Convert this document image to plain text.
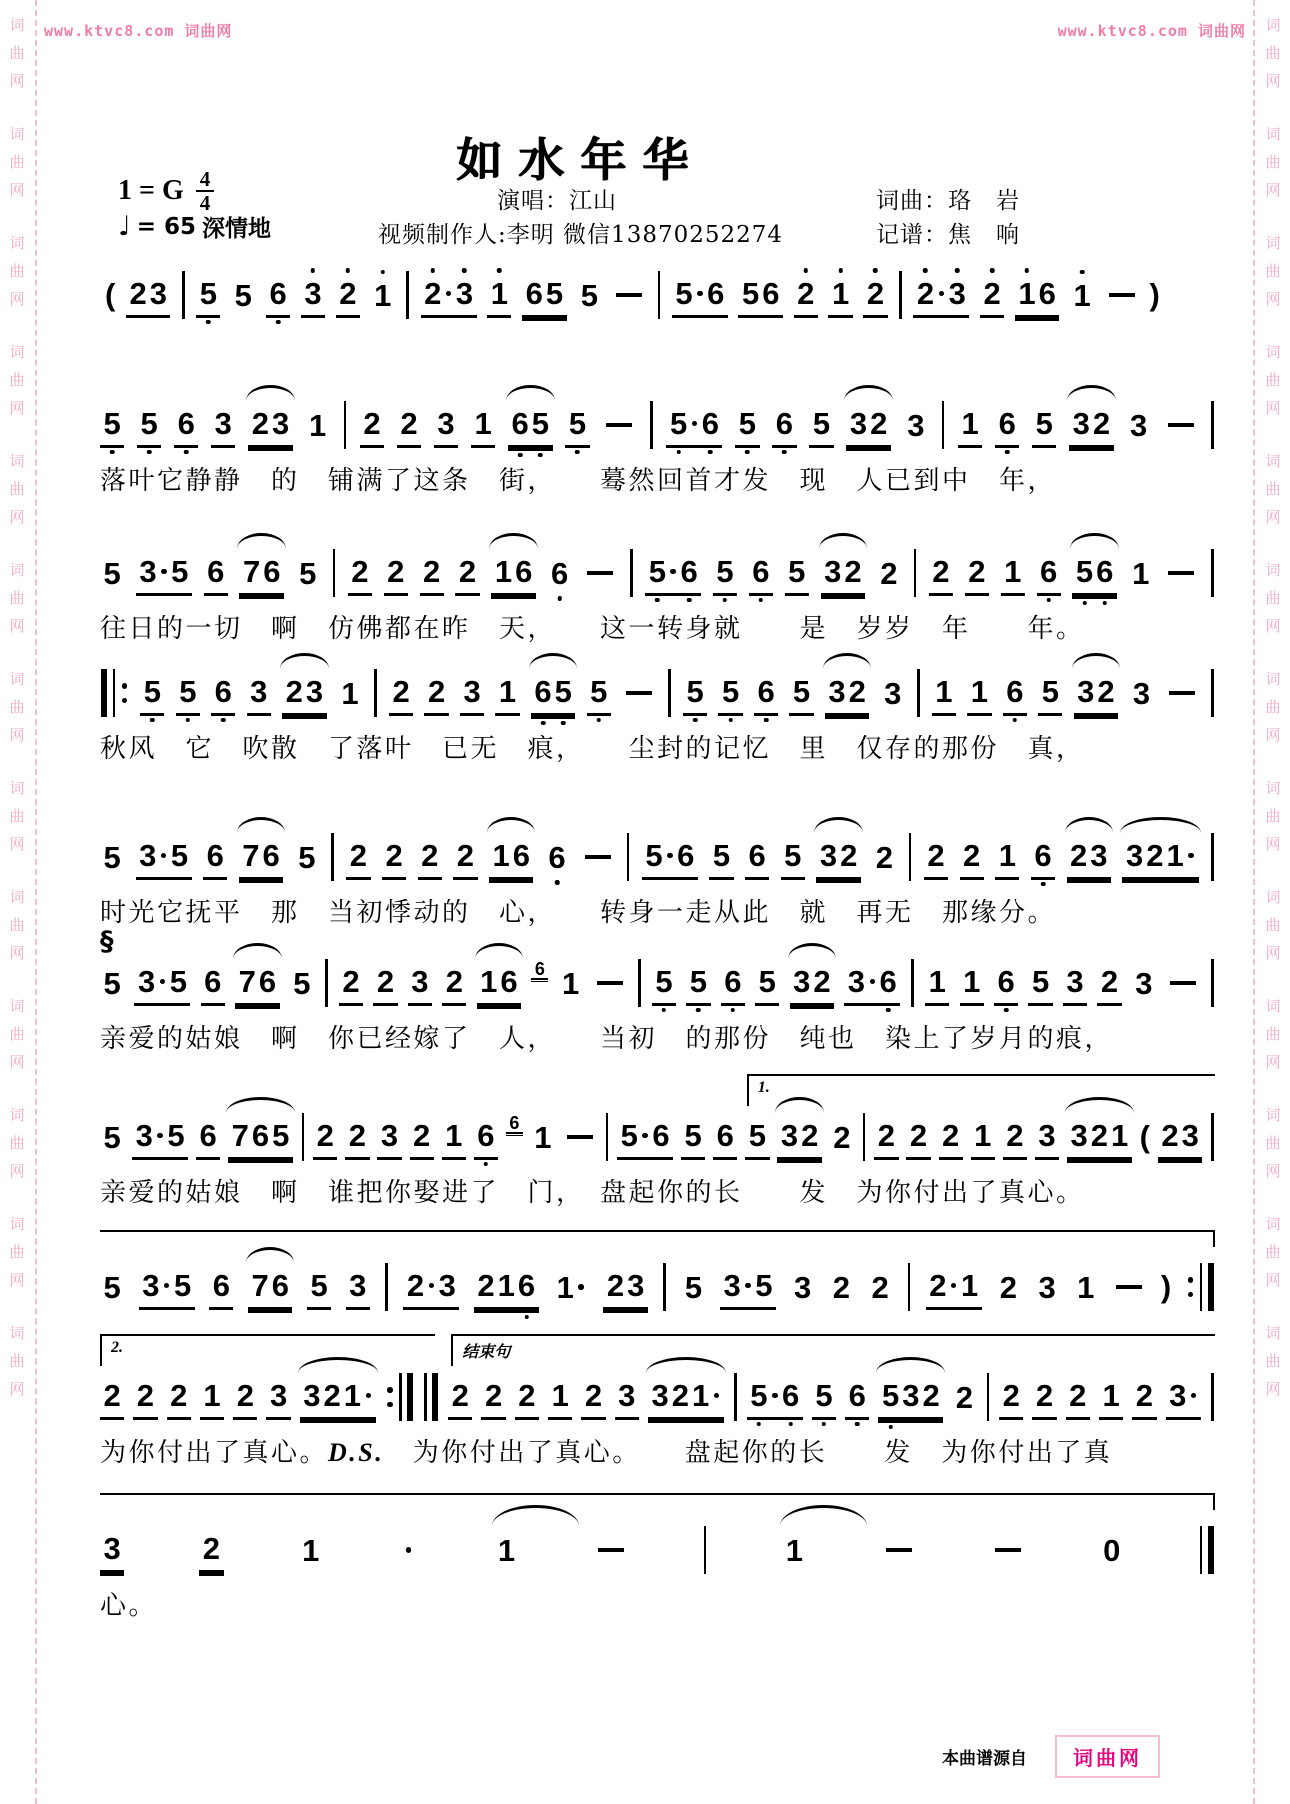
词
曲
网
词
曲
网
词
曲
网
词
曲
网
词
曲
网
词
曲
网
词
曲
网
词
曲
网
词
曲
网
词
曲
网
词
曲
网
词
曲
网
词
曲
网
词
曲
网
词
曲
网
词
曲
网
词
曲
网
词
曲
网
词
曲
网
词
曲
网
词
曲
网
词
曲
网
词
曲
网
词
曲
网
词
曲
网
词
曲
网
www.ktvc8.com 词曲网	www.ktvc8.com 词曲网
如水年华
1 = G $\frac{4}{4}$
♩ = 65 深情地
演唱：江山
视频制作人:李明 微信13870252274
词曲：珞　岩
记谱：焦　响
( 2 3 5 5 6 3 2 1 2 3 1 6 5 5 5 6 5 6 2 1 2 2 3 2 1 6 1 )
5 5 6 3 2 3 1 2 2 3 1 6 5 5	5 6 5 6 5 3 2 3 1 6 5 3 2 3
落叶它静静　的　铺满了这条　街，　　蓦然回首才发　现　人已到中　年，
5 3 5 6 7 6 5 2 2 2 2 1 6 6	5 6 5 6 5 3 2 2 2 2 1 6 5 6 1
往日的一切　啊　仿佛都在昨　天，　　这一转身就　　是　岁岁　年　　年。
5 5 6 3 2 3 1 2 2 3 1 6 5 5	5 5 6 5 3 2 3 1 1 6 5 3 2 3
秋风　它　吹散　了落叶　已无　痕，　　尘封的记忆　里　仅存的那份　真，
5 3 5 6 7 6 5 2 2 2 2 1 6 6	5 6 5 6 5 3 2 2 2 2 1 6 2 3 3 2 1
时光它抚平　那　当初悸动的　心，　　转身一走从此　就　再无　那缘分。
§
5 3 5 6 7 6 5 2 2 3 2 1 6 6 1 5 5 6 5 3 2 3 6 1 1 6 5 3 2 3
亲爱的姑娘　啊　你已经嫁了　人，　　当初　的那份　纯也　染上了岁月的痕，
1.
5 3 5 6 7 6 5 2 2 3 2 1 6 6 1 5 6 5 6 5 3 2 2 2 2 2 1 2 3 3 2 1 ( 2 3
亲爱的姑娘　啊　谁把你娶进了　门，　盘起你的长　　发　为你付出了真心。
5 3 5 6 7 6 5 3 2 3 2 1 6 1 2 3 5 3 5 3 2 2 2 1 2 3 1 )
2.	结束句
2 2 2 1 2 3 3 2 1	2 2 2 1 2 3 3 2 1 5 6 5 6 5 3 2 2 2 2 2 1 2 3
为你付出了真心。D.S.　为你付出了真心。　　盘起你的长　　发　为你付出了真
3	2	1	1	1	0
心。
本曲谱源自	词曲网
